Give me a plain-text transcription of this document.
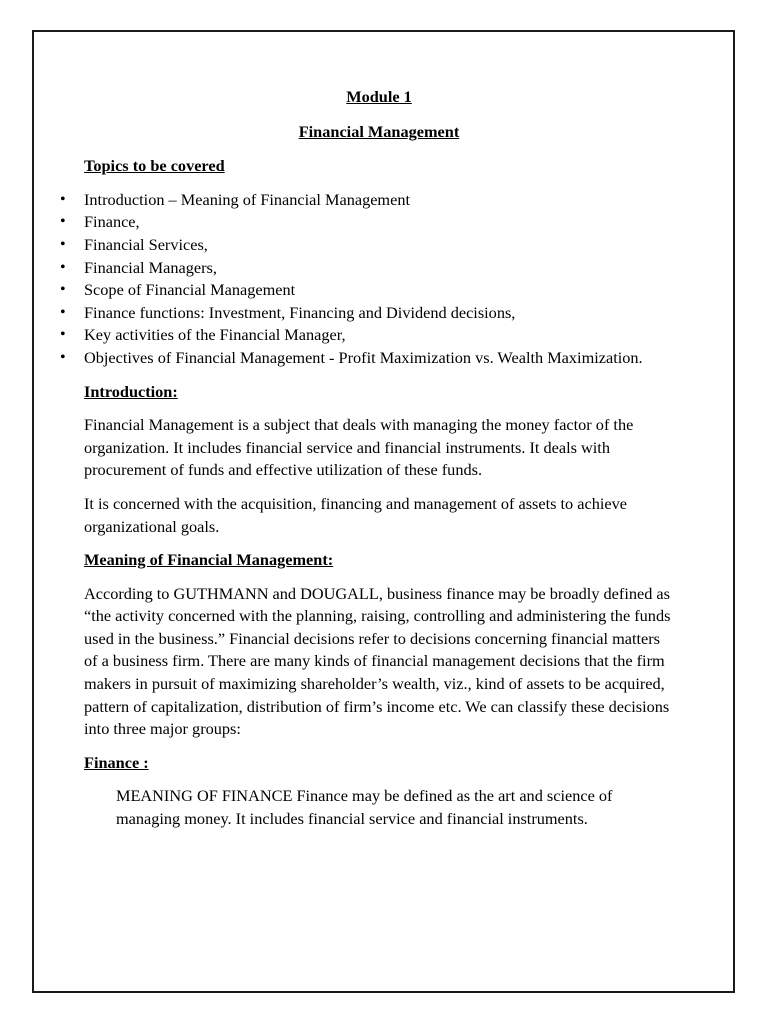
Module 1

Financial Management

Topics to be covered

• Introduction – Meaning of Financial Management
• Finance,
• Financial Services,
• Financial Managers,
• Scope of Financial Management
• Finance functions: Investment, Financing and Dividend decisions,
• Key activities of the Financial Manager,
• Objectives of Financial Management - Profit Maximization vs. Wealth Maximization.

Introduction:

Financial Management is a subject that deals with managing the money factor of the organization. It includes financial service and financial instruments. It deals with procurement of funds and effective utilization of these funds.

It is concerned with the acquisition, financing and management of assets to achieve organizational goals.

Meaning of Financial Management:

According to GUTHMANN and DOUGALL, business finance may be broadly defined as “the activity concerned with the planning, raising, controlling and administering the funds used in the business.” Financial decisions refer to decisions concerning financial matters of a business firm. There are many kinds of financial management decisions that the firm makers in pursuit of maximizing shareholder’s wealth, viz., kind of assets to be acquired, pattern of capitalization, distribution of firm’s income etc. We can classify these decisions into three major groups:

Finance :

MEANING OF FINANCE Finance may be defined as the art and science of managing money. It includes financial service and financial instruments.
